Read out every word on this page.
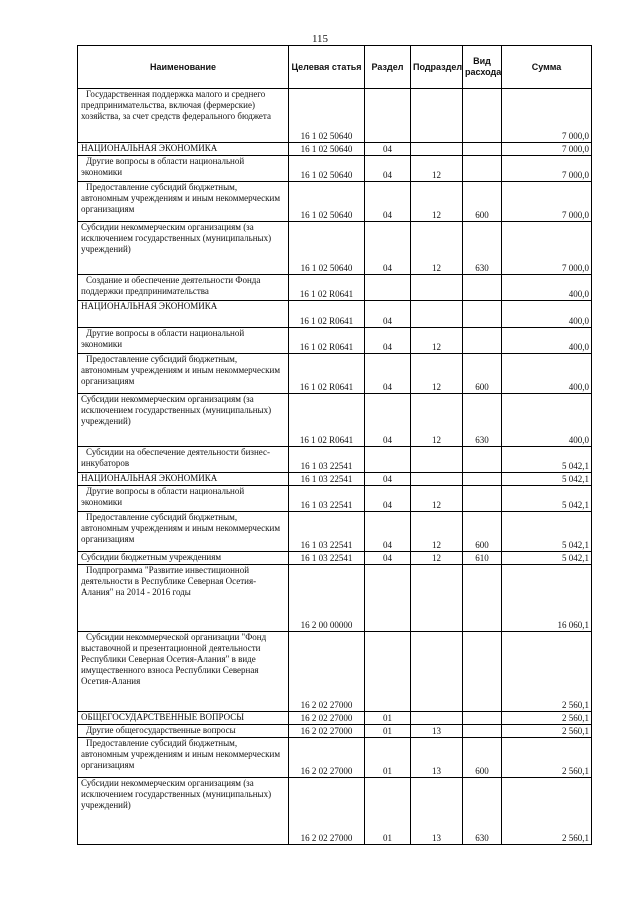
115
Наименование	Целевая статья	Раздел	Подраздел	Вид расхода	Сумма
Государственная поддержка малого и среднего предпринимательства, включая (фермерские) хозяйства, за счет средств федерального бюджета	16 1 02 50640				7 000,0
НАЦИОНАЛЬНАЯ ЭКОНОМИКА	16 1 02 50640	04			7 000,0
Другие вопросы в области национальной экономики	16 1 02 50640	04	12		7 000,0
Предоставление субсидий бюджетным, автономным учреждениям и иным некоммерческим организациям	16 1 02 50640	04	12	600	7 000,0
Субсидии некоммерческим организациям (за исключением государственных (муниципальных) учреждений)	16 1 02 50640	04	12	630	7 000,0
Создание и обеспечение деятельности Фонда поддержки предпринимательства	16 1 02 R0641				400,0
НАЦИОНАЛЬНАЯ ЭКОНОМИКА	16 1 02 R0641	04			400,0
Другие вопросы в области национальной экономики	16 1 02 R0641	04	12		400,0
Предоставление субсидий бюджетным, автономным учреждениям и иным некоммерческим организациям	16 1 02 R0641	04	12	600	400,0
Субсидии некоммерческим организациям (за исключением государственных (муниципальных) учреждений)	16 1 02 R0641	04	12	630	400,0
Субсидии на обеспечение деятельности бизнес-инкубаторов	16 1 03 22541				5 042,1
НАЦИОНАЛЬНАЯ ЭКОНОМИКА	16 1 03 22541	04			5 042,1
Другие вопросы в области национальной экономики	16 1 03 22541	04	12		5 042,1
Предоставление субсидий бюджетным, автономным учреждениям и иным некоммерческим организациям	16 1 03 22541	04	12	600	5 042,1
Субсидии бюджетным учреждениям	16 1 03 22541	04	12	610	5 042,1
Подпрограмма "Развитие инвестиционной деятельности в Республике Северная Осетия-Алания" на 2014 - 2016 годы	16 2 00 00000				16 060,1
Субсидии некоммерческой организации "Фонд выставочной и презентационной деятельности Республики Северная Осетия-Алания" в виде имущественного взноса Республики Северная Осетия-Алания	16 2 02 27000				2 560,1
ОБЩЕГОСУДАРСТВЕННЫЕ ВОПРОСЫ	16 2 02 27000	01			2 560,1
Другие общегосударственные вопросы	16 2 02 27000	01	13		2 560,1
Предоставление субсидий бюджетным, автономным учреждениям и иным некоммерческим организациям	16 2 02 27000	01	13	600	2 560,1
Субсидии некоммерческим организациям (за исключением государственных (муниципальных) учреждений)	16 2 02 27000	01	13	630	2 560,1
